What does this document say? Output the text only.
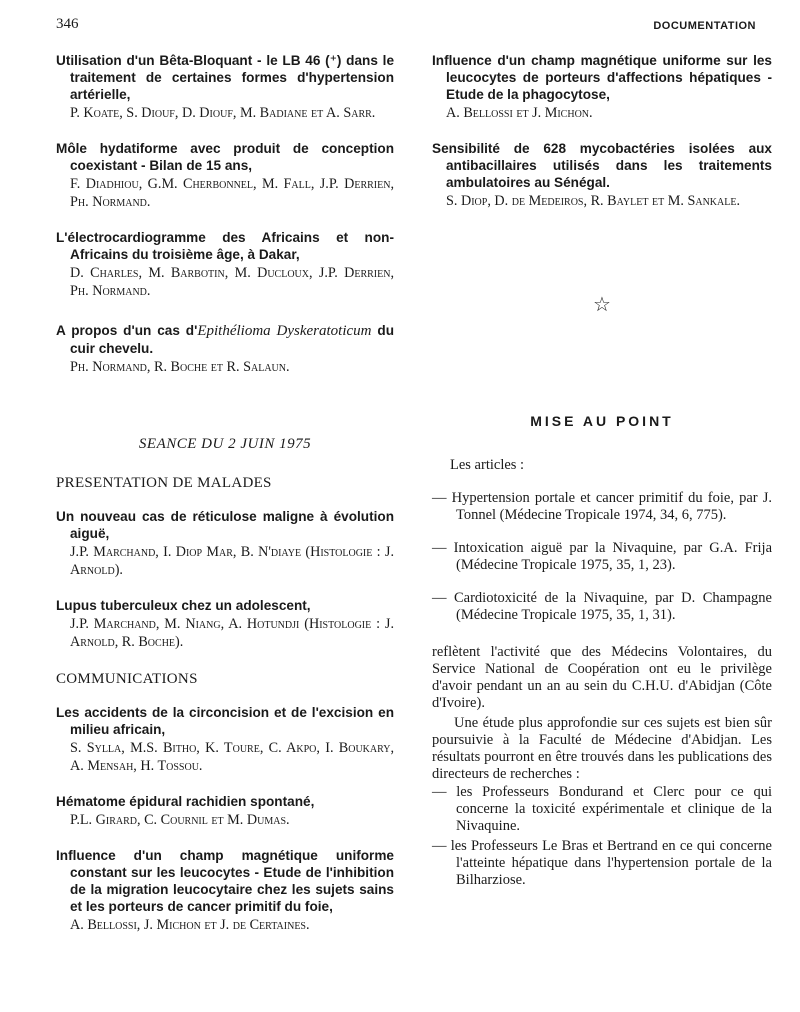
346	DOCUMENTATION
Utilisation d'un Bêta-Bloquant - le LB 46 (⁺) dans le traitement de certaines formes d'hypertension artérielle,
P. Koate, S. Diouf, D. Diouf, M. Badiane et A. Sarr.
Môle hydatiforme avec produit de conception coexistant - Bilan de 15 ans,
F. Diadhiou, G.M. Cherbonnel, M. Fall, J.P. Derrien, Ph. Normand.
L'électrocardiogramme des Africains et non-Africains du troisième âge, à Dakar,
D. Charles, M. Barbotin, M. Ducloux, J.P. Derrien, Ph. Normand.
A propos d'un cas d'Epithélioma Dyskeratoticum du cuir chevelu.
Ph. Normand, R. Boche et R. Salaun.
SEANCE DU 2 JUIN 1975
PRESENTATION DE MALADES
Un nouveau cas de réticulose maligne à évolution aiguë,
J.P. Marchand, I. Diop Mar, B. N'diaye (Histologie : J. Arnold).
Lupus tuberculeux chez un adolescent,
J.P. Marchand, M. Niang, A. Hotundji (Histologie : J. Arnold, R. Boche).
COMMUNICATIONS
Les accidents de la circoncision et de l'excision en milieu africain,
S. Sylla, M.S. Bitho, K. Toure, C. Akpo, I. Boukary, A. Mensah, H. Tossou.
Hématome épidural rachidien spontané,
P.L. Girard, C. Cournil et M. Dumas.
Influence d'un champ magnétique uniforme constant sur les leucocytes - Etude de l'inhibition de la migration leucocytaire chez les sujets sains et les porteurs de cancer primitif du foie,
A. Bellossi, J. Michon et J. de Certaines.
Influence d'un champ magnétique uniforme sur les leucocytes de porteurs d'affections hépatiques - Etude de la phagocytose,
A. Bellossi et J. Michon.
Sensibilité de 628 mycobactéries isolées aux antibacillaires utilisés dans les traitements ambulatoires au Sénégal.
S. Diop, D. de Medeiros, R. Baylet et M. Sankale.
☆
MISE AU POINT
Les articles :
— Hypertension portale et cancer primitif du foie, par J. Tonnel (Médecine Tropicale 1974, 34, 6, 775).
— Intoxication aiguë par la Nivaquine, par G.A. Frija (Médecine Tropicale 1975, 35, 1, 23).
— Cardiotoxicité de la Nivaquine, par D. Champagne (Médecine Tropicale 1975, 35, 1, 31).

reflètent l'activité que des Médecins Volontaires, du Service National de Coopération ont eu le privilège d'avoir pendant un an au sein du C.H.U. d'Abidjan (Côte d'Ivoire).

Une étude plus approfondie sur ces sujets est bien sûr poursuivie à la Faculté de Médecine d'Abidjan. Les résultats pourront en être trouvés dans les publications des directeurs de recherches :

— les Professeurs Bondurand et Clerc pour ce qui concerne la toxicité expérimentale et clinique de la Nivaquine.
— les Professeurs Le Bras et Bertrand en ce qui concerne l'atteinte hépatique dans l'hypertension portale de la Bilharziose.
